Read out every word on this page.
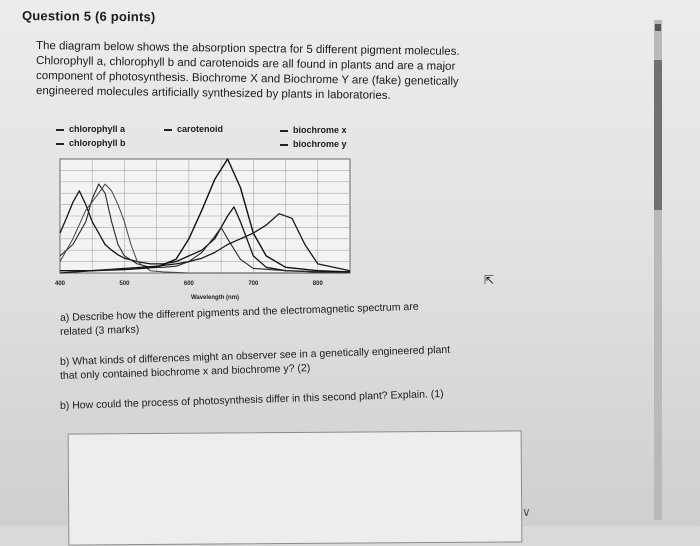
Question 5 (6 points)
The diagram below shows the absorption spectra for 5 different pigment molecules.
Chlorophyll a, chlorophyll b and carotenoids are all found in plants and are a major
component of photosynthesis. Biochrome X and Biochrome Y are (fake) genetically
engineered molecules artificially synthesized by plants in laboratories.
chlorophyll a
chlorophyll b
carotenoid	biochrome x
biochrome y
400	500	600	700	800
Wavelength (nm)
a) Describe how the different pigments and the electromagnetic spectrum are
related (3 marks)
b) What kinds of differences might an observer see in a genetically engineered plant
that only contained biochrome x and biochrome y? (2)
b) How could the process of photosynthesis differ in this second plant? Explain. (1)
⇱
∨
